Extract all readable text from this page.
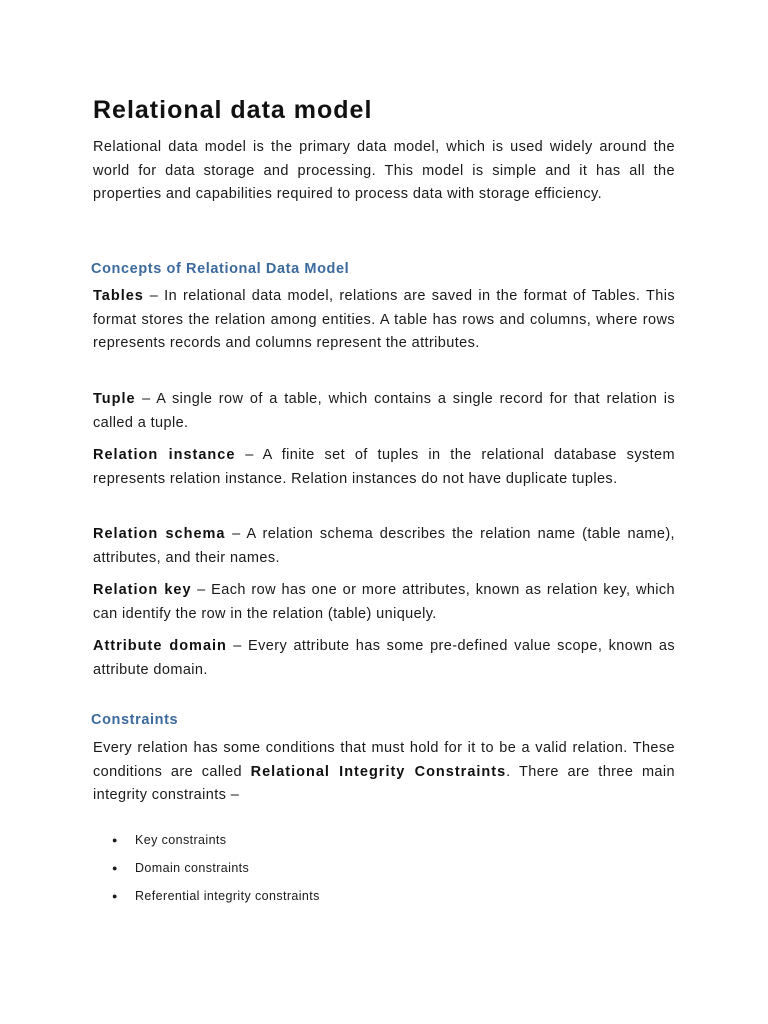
Relational data model

Relational data model is the primary data model, which is used widely around the world for data storage and processing. This model is simple and it has all the properties and capabilities required to process data with storage efficiency.

Concepts of Relational Data Model

Tables – In relational data model, relations are saved in the format of Tables. This format stores the relation among entities. A table has rows and columns, where rows represents records and columns represent the attributes.

Tuple – A single row of a table, which contains a single record for that relation is called a tuple.

Relation instance – A finite set of tuples in the relational database system represents relation instance. Relation instances do not have duplicate tuples.

Relation schema – A relation schema describes the relation name (table name), attributes, and their names.

Relation key – Each row has one or more attributes, known as relation key, which can identify the row in the relation (table) uniquely.

Attribute domain – Every attribute has some pre-defined value scope, known as attribute domain.

Constraints

Every relation has some conditions that must hold for it to be a valid relation. These conditions are called Relational Integrity Constraints. There are three main integrity constraints –

● Key constraints
● Domain constraints
● Referential integrity constraints
